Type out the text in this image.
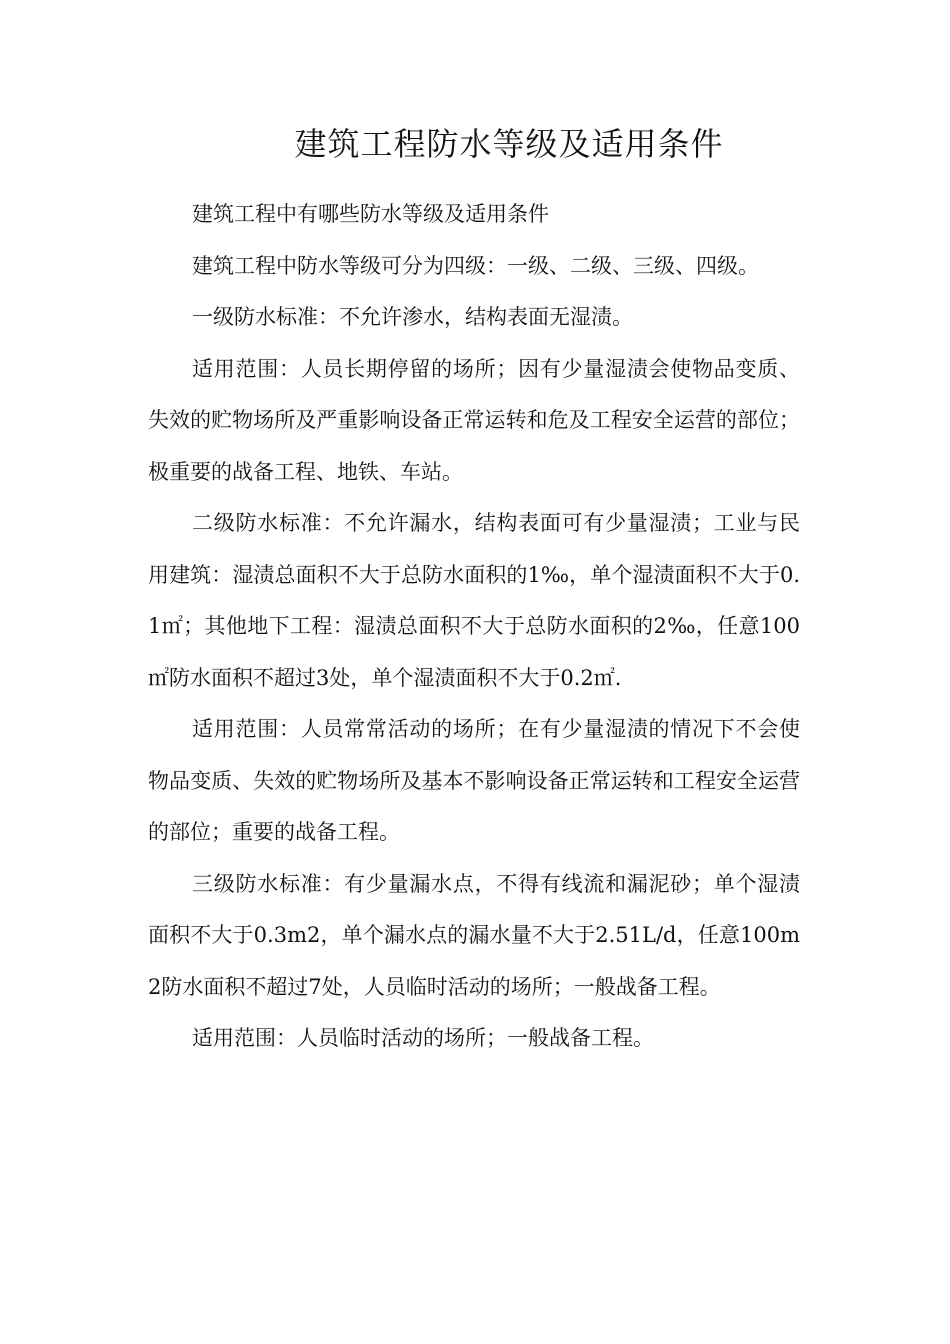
建筑工程防水等级及适用条件

建筑工程中有哪些防水等级及适用条件

建筑工程中防水等级可分为四级：一级、二级、三级、四级。

一级防水标准：不允许渗水，结构表面无湿渍。

适用范围：人员长期停留的场所；因有少量湿渍会使物品变质、失效的贮物场所及严重影响设备正常运转和危及工程安全运营的部位；极重要的战备工程、地铁、车站。

二级防水标准：不允许漏水，结构表面可有少量湿渍；工业与民用建筑：湿渍总面积不大于总防水面积的1‰，单个湿渍面积不大于0.1㎡；其他地下工程：湿渍总面积不大于总防水面积的2‰，任意100㎡防水面积不超过3处，单个湿渍面积不大于0.2㎡.

适用范围：人员常常活动的场所；在有少量湿渍的情况下不会使物品变质、失效的贮物场所及基本不影响设备正常运转和工程安全运营的部位；重要的战备工程。

三级防水标准：有少量漏水点，不得有线流和漏泥砂；单个湿渍面积不大于0.3m2，单个漏水点的漏水量不大于2.51L/d，任意100m2防水面积不超过7处，人员临时活动的场所；一般战备工程。

适用范围：人员临时活动的场所；一般战备工程。
